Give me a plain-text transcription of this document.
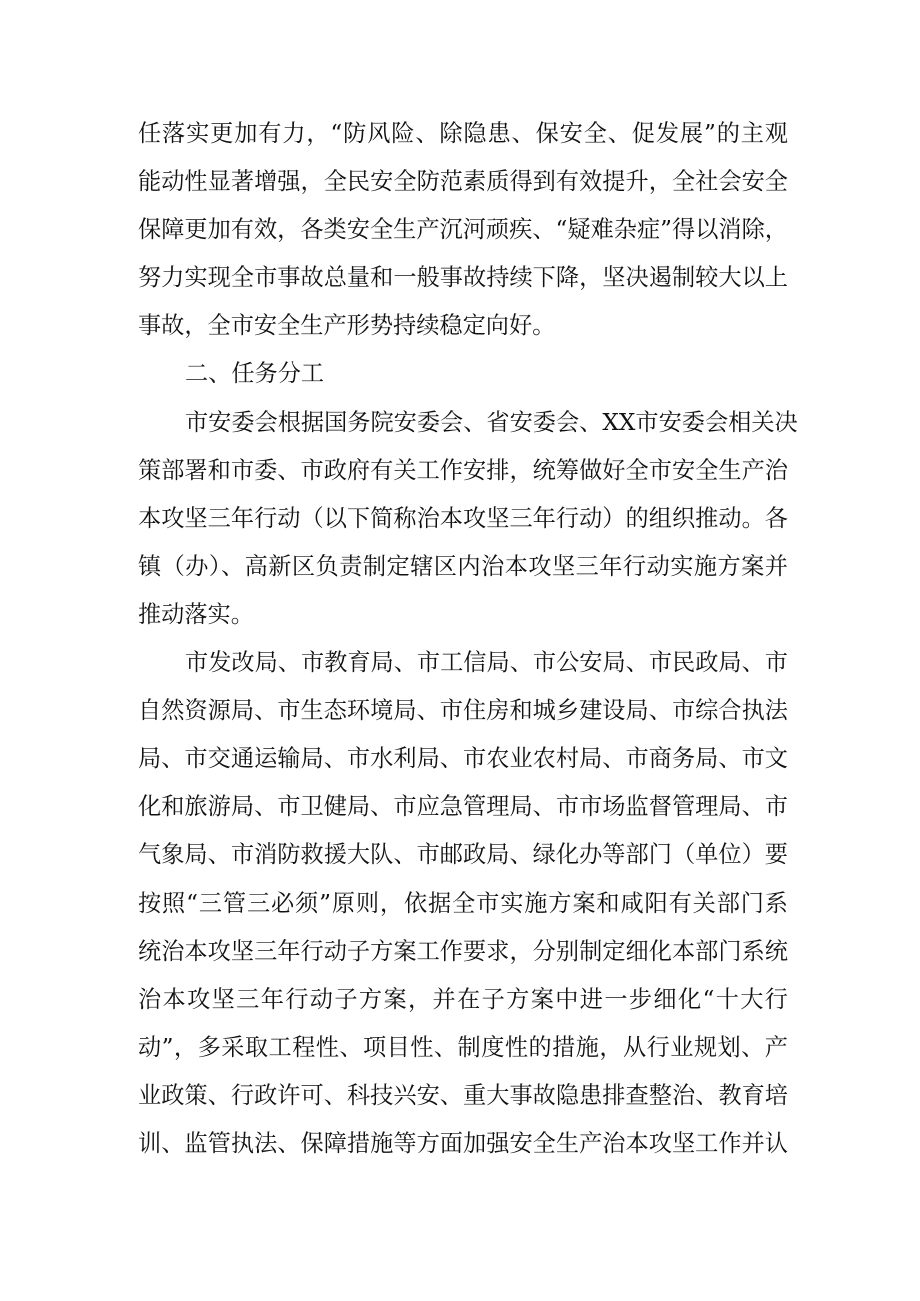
任落实更加有力，“防风险、除隐患、保安全、促发展”的主观
能动性显著增强，全民安全防范素质得到有效提升，全社会安全
保障更加有效，各类安全生产沉河顽疾、“疑难杂症”得以消除，
努力实现全市事故总量和一般事故持续下降，坚决遏制较大以上
事故，全市安全生产形势持续稳定向好。
二、任务分工
市安委会根据国务院安委会、省安委会、XX市安委会相关决
策部署和市委、市政府有关工作安排，统筹做好全市安全生产治
本攻坚三年行动（以下简称治本攻坚三年行动）的组织推动。各
镇（办）、高新区负责制定辖区内治本攻坚三年行动实施方案并
推动落实。
市发改局、市教育局、市工信局、市公安局、市民政局、市
自然资源局、市生态环境局、市住房和城乡建设局、市综合执法
局、市交通运输局、市水利局、市农业农村局、市商务局、市文
化和旅游局、市卫健局、市应急管理局、市市场监督管理局、市
气象局、市消防救援大队、市邮政局、绿化办等部门（单位）要
按照“三管三必须”原则，依据全市实施方案和咸阳有关部门系
统治本攻坚三年行动子方案工作要求，分别制定细化本部门系统
治本攻坚三年行动子方案，并在子方案中进一步细化“十大行
动”，多采取工程性、项目性、制度性的措施，从行业规划、产
业政策、行政许可、科技兴安、重大事故隐患排查整治、教育培
训、监管执法、保障措施等方面加强安全生产治本攻坚工作并认
